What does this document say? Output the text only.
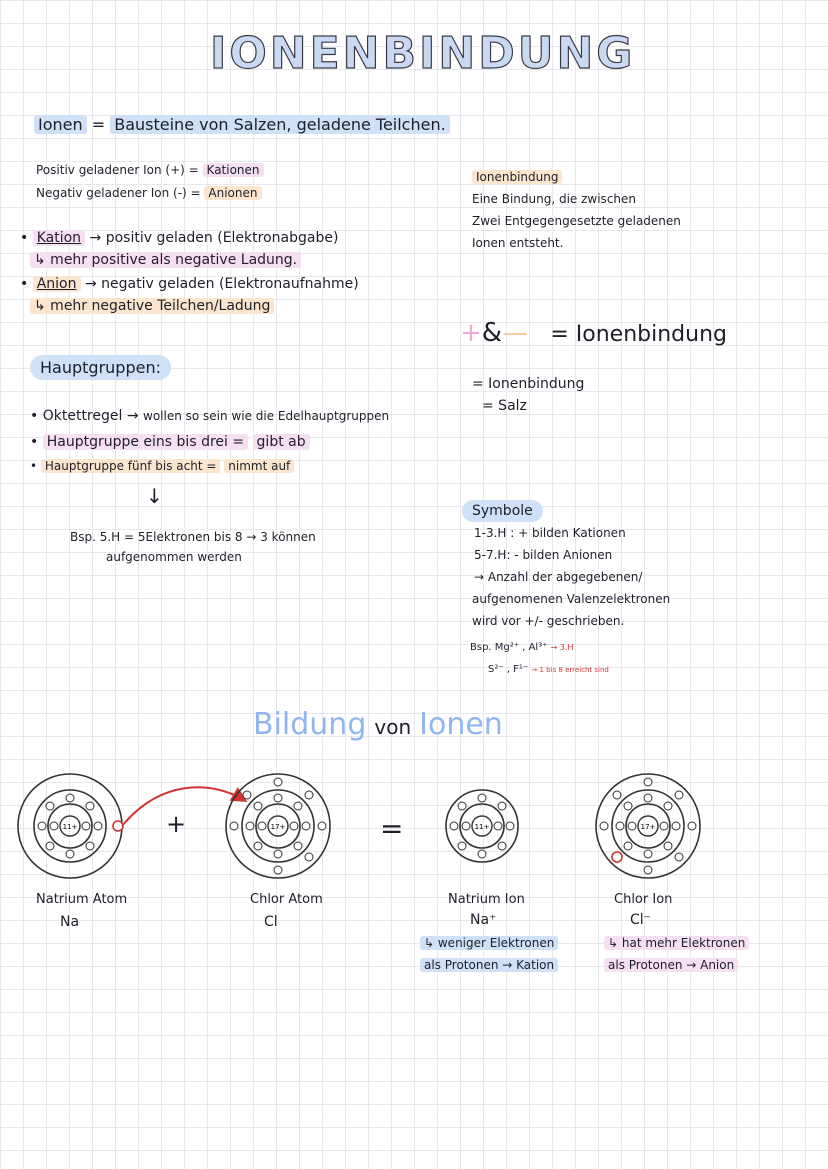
IONENBINDUNG
Ionen = Bausteine von Salzen, geladene Teilchen.
Positiv geladener Ion (+) = Kationen
Negativ geladener Ion (-) = Anionen
• Kation → positiv geladen (Elektronabgabe)
↳ mehr positive als negative Ladung.
• Anion → negativ geladen (Elektronaufnahme)
↳ mehr negative Teilchen/Ladung
Ionenbindung
Eine Bindung, die zwischen
Zwei Entgegengesetzte geladenen
Ionen entsteht.
+&— = Ionenbindung
= Ionenbindung
= Salz
Hauptgruppen:
• Oktettregel → wollen so sein wie die Edelhauptgruppen
• Hauptgruppe eins bis drei = gibt ab
• Hauptgruppe fünf bis acht = nimmt auf
↓
Bsp. 5.H = 5Elektronen bis 8 → 3 können
aufgenommen werden
Symbole
1-3.H : + bilden Kationen
5-7.H: - bilden Anionen
→ Anzahl der abgegebenen/
aufgenomenen Valenzelektronen
wird vor +/- geschrieben.
Bsp. Mg²⁺ , Al³⁺ → 3.H
S²⁻ , F¹⁻ → 1 bis 8 erreicht sind
Bildung von Ionen
11+	17+	11+	17+
+	=
Natrium Atom
Na
Chlor Atom
Cl
Natrium Ion
Na⁺
↳ weniger Elektronen
als Protonen → Kation
Chlor Ion
Cl⁻
↳ hat mehr Elektronen
als Protonen → Anion
